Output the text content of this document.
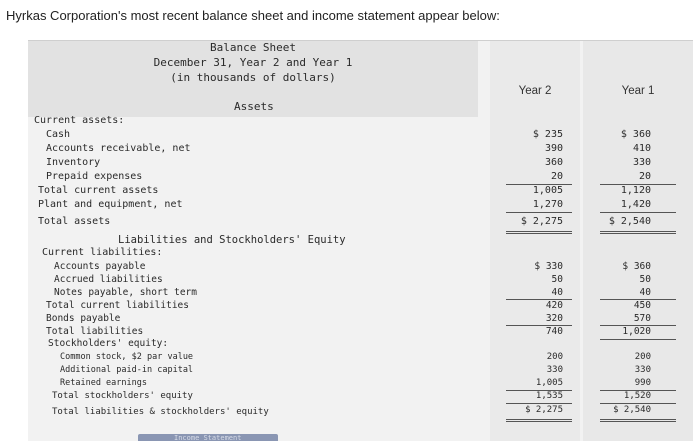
Hyrkas Corporation's most recent balance sheet and income statement appear below:
Balance Sheet
December 31, Year 2 and Year 1
(in thousands of dollars)
Year 2	Year 1
Assets
Current assets:
Cash	$ 235	$ 360
Accounts receivable, net	390	410
Inventory	360	330
Prepaid expenses	20	20
Total current assets	1,005	1,120
Plant and equipment, net	1,270	1,420
Total assets	$ 2,275	$ 2,540
Liabilities and Stockholders' Equity
Current liabilities:
Accounts payable	$ 330	$ 360
Accrued liabilities	50	50
Notes payable, short term	40	40
Total current liabilities	420	450
Bonds payable	320	570
Total liabilities	740	1,020
Stockholders' equity:
Common stock, $2 par value	200	200
Additional paid-in capital	330	330
Retained earnings	1,005	990
Total stockholders' equity	1,535	1,520
Total liabilities & stockholders' equity	$ 2,275	$ 2,540
Income Statement
